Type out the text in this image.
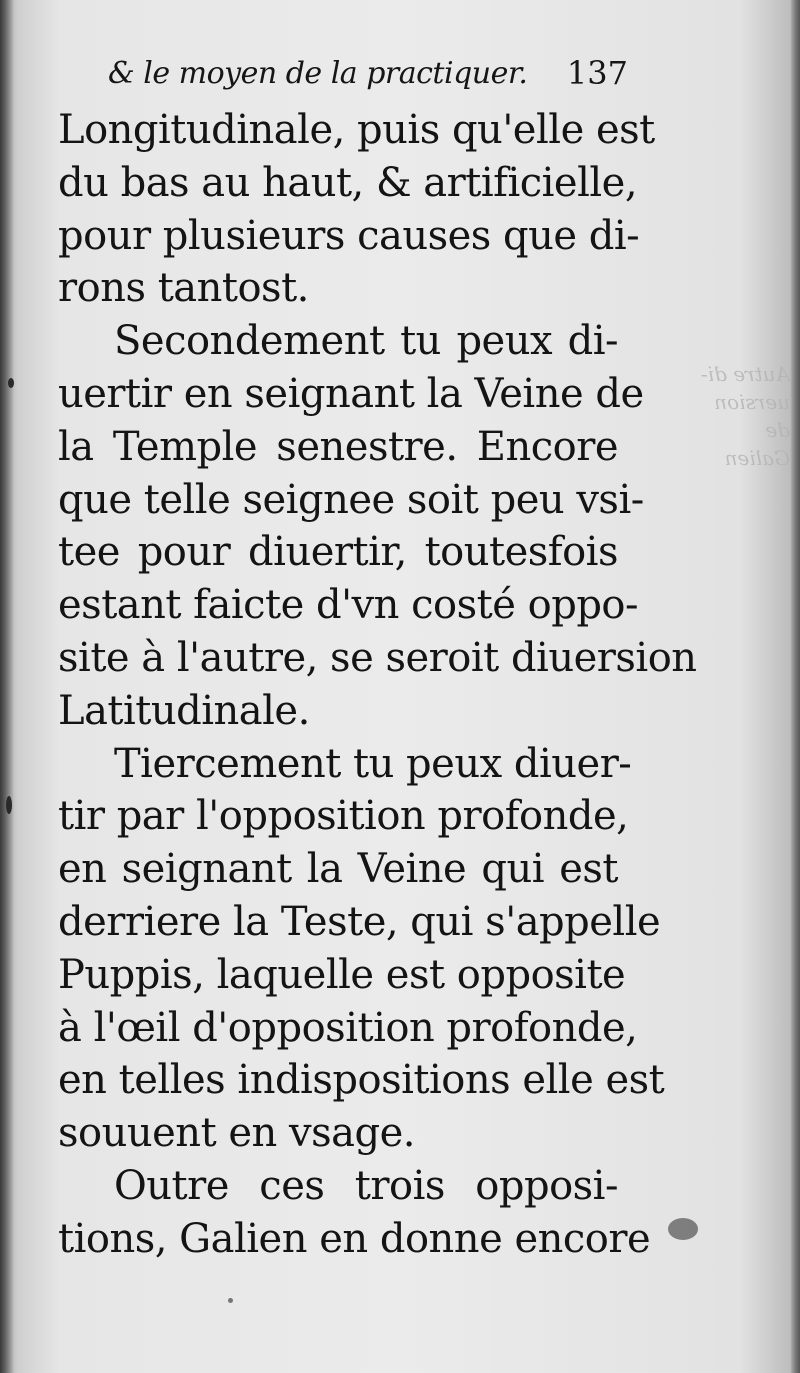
Autre di-
uersion de
Galien
& le moyen de la practiquer. 137
Longitudinale, puis qu'elle est
du bas au haut, & artificielle,
pour plusieurs causes que di-
rons tantost.
Secondement tu peux di-
uertir en seignant la Veine de
la Temple senestre. Encore
que telle seignee soit peu vsi-
tee pour diuertir, toutesfois
estant faicte d'vn costé oppo-
site à l'autre, se seroit diuersion
Latitudinale.
Tiercement tu peux diuer-
tir par l'opposition profonde,
en seignant la Veine qui est
derriere la Teste, qui s'appelle
Puppis, laquelle est opposite
à l'œil d'opposition profonde,
en telles indispositions elle est
souuent en vsage.
Outre ces trois opposi-
tions, Galien en donne encore
